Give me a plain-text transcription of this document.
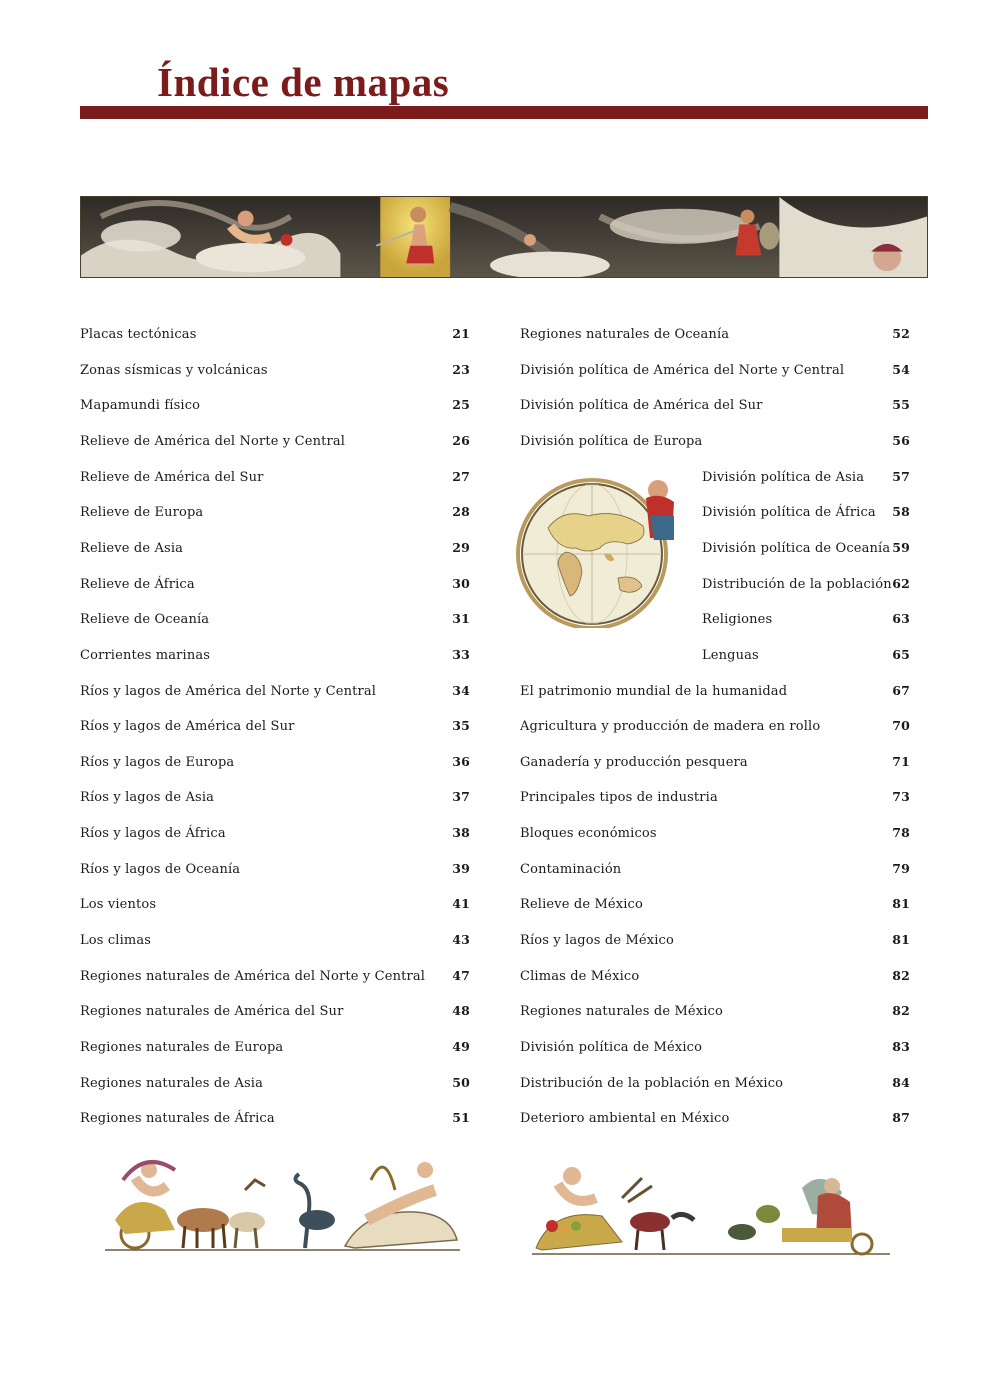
Índice de mapas
Placas tectónicas	21
Zonas sísmicas y volcánicas	23
Mapamundi físico	25
Relieve de América del Norte y Central	26
Relieve de América del Sur	27
Relieve de Europa	28
Relieve de Asia	29
Relieve de África	30
Relieve de Oceanía	31
Corrientes marinas	33
Ríos y lagos de América del Norte y Central	34
Ríos y lagos de América del Sur	35
Ríos y lagos de Europa	36
Ríos y lagos de Asia	37
Ríos y lagos de África	38
Ríos y lagos de Oceanía	39
Los vientos	41
Los climas	43
Regiones naturales de América del Norte y Central 47
Regiones naturales de América del Sur	48
Regiones naturales de Europa	49
Regiones naturales de Asia	50
Regiones naturales de África	51
Regiones naturales de Oceanía	52
División política de América del Norte y Central	54
División política de América del Sur	55
División política de Europa	56
División política de Asia 57
División política de África 58
División política de Oceanía 59
Distribución de la población 62
Religiones	63
Lenguas	65
El patrimonio mundial de la humanidad	67
Agricultura y producción de madera en rollo	70
Ganadería y producción pesquera	71
Principales tipos de industria	73
Bloques económicos	78
Contaminación	79
Relieve de México	81
Ríos y lagos de México	81
Climas de México	82
Regiones naturales de México	82
División política de México	83
Distribución de la población en México	84
Deterioro ambiental en México	87
